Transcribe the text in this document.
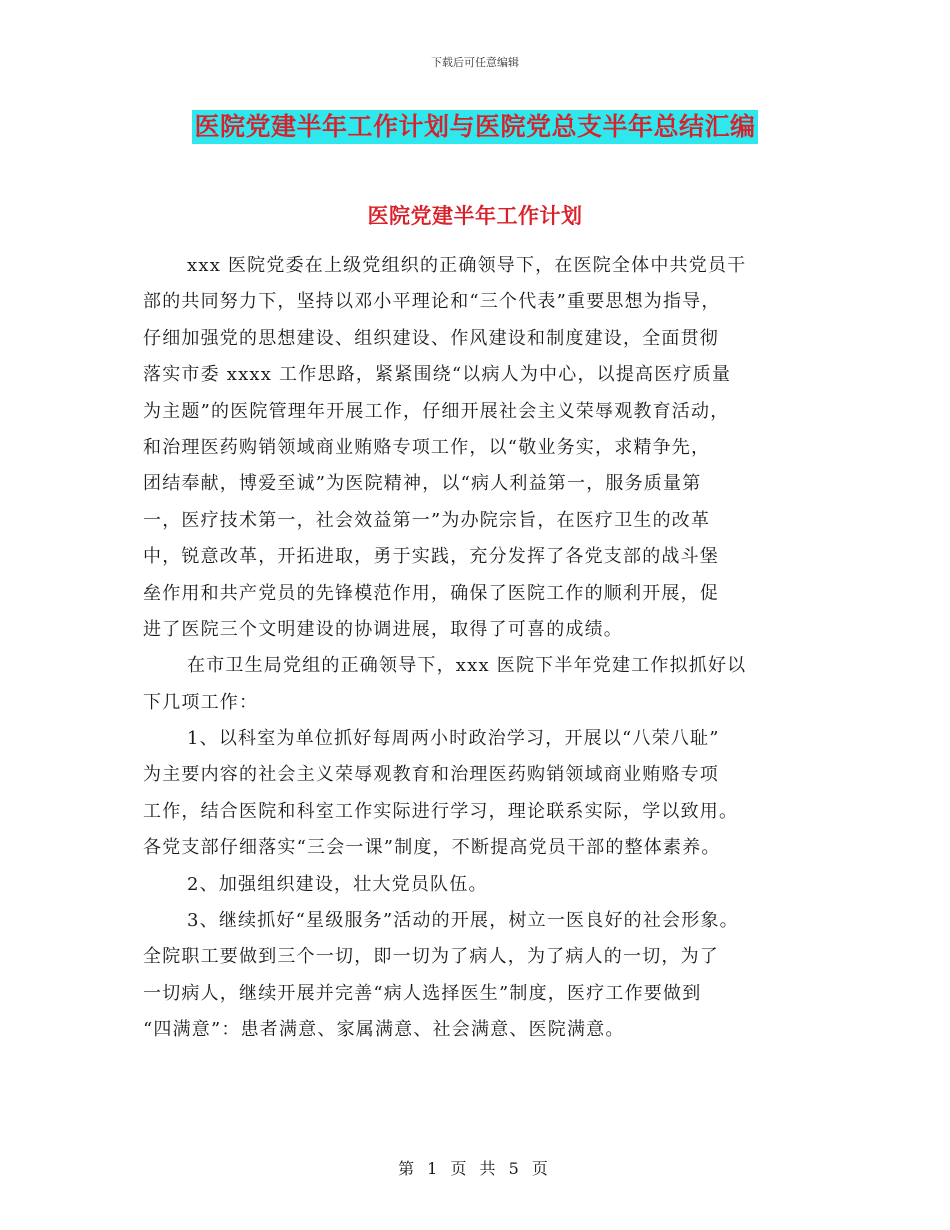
下载后可任意编辑
医院党建半年工作计划与医院党总支半年总结汇编
医院党建半年工作计划
xxx 医院党委在上级党组织的正确领导下，在医院全体中共党员干
部的共同努力下，坚持以邓小平理论和“三个代表”重要思想为指导，
仔细加强党的思想建设、组织建设、作风建设和制度建设，全面贯彻
落实市委 xxxx 工作思路，紧紧围绕“以病人为中心，以提高医疗质量
为主题”的医院管理年开展工作，仔细开展社会主义荣辱观教育活动，
和治理医药购销领域商业贿赂专项工作，以“敬业务实，求精争先，
团结奉献，博爱至诚”为医院精神，以“病人利益第一，服务质量第
一，医疗技术第一，社会效益第一”为办院宗旨，在医疗卫生的改革
中，锐意改革，开拓进取，勇于实践，充分发挥了各党支部的战斗堡
垒作用和共产党员的先锋模范作用，确保了医院工作的顺利开展，促
进了医院三个文明建设的协调进展，取得了可喜的成绩。
在市卫生局党组的正确领导下，xxx 医院下半年党建工作拟抓好以
下几项工作：
1、以科室为单位抓好每周两小时政治学习，开展以“八荣八耻”
为主要内容的社会主义荣辱观教育和治理医药购销领域商业贿赂专项
工作，结合医院和科室工作实际进行学习，理论联系实际，学以致用。
各党支部仔细落实“三会一课”制度，不断提高党员干部的整体素养。
2、加强组织建设，壮大党员队伍。
3、继续抓好“星级服务”活动的开展，树立一医良好的社会形象。
全院职工要做到三个一切，即一切为了病人，为了病人的一切，为了
一切病人，继续开展并完善“病人选择医生”制度，医疗工作要做到
“四满意”：患者满意、家属满意、社会满意、医院满意。
第 1 页 共 5 页
